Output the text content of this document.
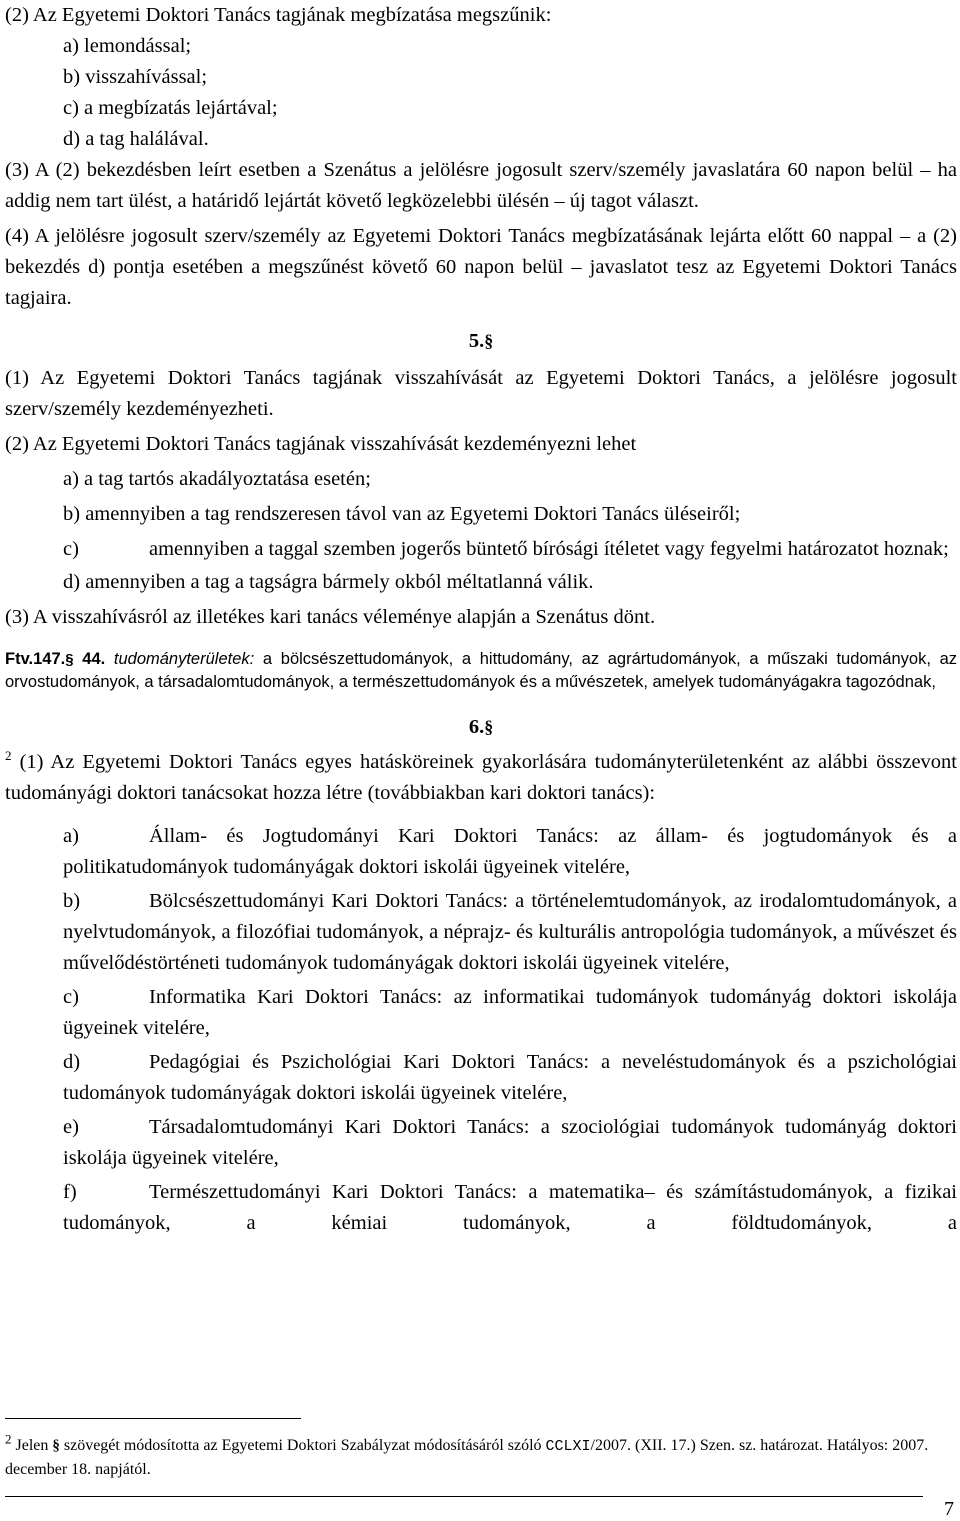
(2) Az Egyetemi Doktori Tanács tagjának megbízatása megszűnik:

a) lemondással;

b) visszahívással;

c) a megbízatás lejártával;

d) a tag halálával.

(3) A (2) bekezdésben leírt esetben a Szenátus a jelölésre jogosult szerv/személy javaslatára 60 napon belül – ha addig nem tart ülést, a határidő lejártát követő legközelebbi ülésén – új tagot választ.

(4) A jelölésre jogosult szerv/személy az Egyetemi Doktori Tanács megbízatásának lejárta előtt 60 nappal – a (2) bekezdés d) pontja esetében a megszűnést követő 60 napon belül – javaslatot tesz az Egyetemi Doktori Tanács tagjaira.

5.§

(1) Az Egyetemi Doktori Tanács tagjának visszahívását az Egyetemi Doktori Tanács, a jelölésre jogosult szerv/személy kezdeményezheti.

(2) Az Egyetemi Doktori Tanács tagjának visszahívását kezdeményezni lehet

a) a tag tartós akadályoztatása esetén;

b) amennyiben a tag rendszeresen távol van az Egyetemi Doktori Tanács üléseiről;

c)	amennyiben a taggal szemben jogerős büntető bírósági ítéletet vagy fegyelmi határozatot hoznak;

d) amennyiben a tag a tagságra bármely okból méltatlanná válik.

(3) A visszahívásról az illetékes kari tanács véleménye alapján a Szenátus dönt.

Ftv.147.§ 44. tudományterületek: a bölcsészettudományok, a hittudomány, az agrártudományok, a műszaki tudományok, az orvostudományok, a társadalomtudományok, a természettudományok és a művészetek, amelyek tudományágakra tagozódnak,

6.§

$^2$ (1) Az Egyetemi Doktori Tanács egyes hatásköreinek gyakorlására tudományterületenként az alábbi összevont tudományági doktori tanácsokat hozza létre (továbbiakban kari doktori tanács):

a)	Állam- és Jogtudományi Kari Doktori Tanács: az állam- és jogtudományok és a politikatudományok tudományágak doktori iskolái ügyeinek vitelére,

b)	Bölcsészettudományi Kari Doktori Tanács: a történelemtudományok, az irodalomtudományok, a nyelvtudományok, a filozófiai tudományok, a néprajz- és kulturális antropológia tudományok, a művészet és művelődéstörténeti tudományok tudományágak doktori iskolái ügyeinek vitelére,

c)	Informatika Kari Doktori Tanács: az informatikai tudományok tudományág doktori iskolája ügyeinek vitelére,

d)	Pedagógiai és Pszichológiai Kari Doktori Tanács: a neveléstudományok és a pszichológiai tudományok tudományágak doktori iskolái ügyeinek vitelére,

e)	Társadalomtudományi Kari Doktori Tanács: a szociológiai tudományok tudományág doktori iskolája ügyeinek vitelére,

f)	Természettudományi Kari Doktori Tanács: a matematika– és számítástudományok, a fizikai tudományok, a kémiai tudományok, a földtudományok, a

$^2$ Jelen § szövegét módosította az Egyetemi Doktori Szabályzat módosításáról szóló CCLXI/2007. (XII. 17.) Szen. sz. határozat. Hatályos: 2007. december 18. napjától.

7
